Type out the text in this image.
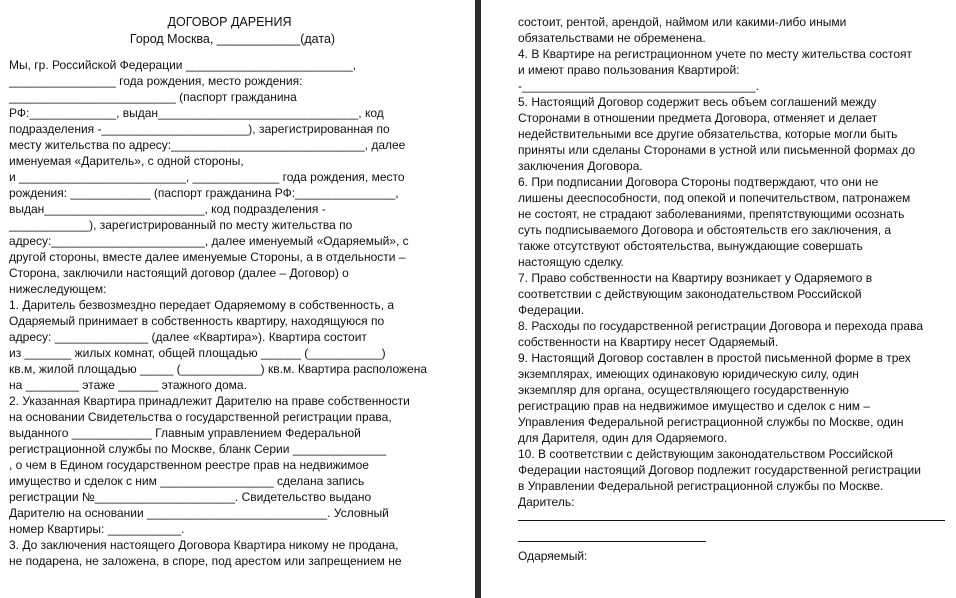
ДОГОВОР ДАРЕНИЯ
Город Москва, ____________(дата)
Мы, гр. Российской Федерации _________________________,
________________ года рождения, место рождения:
_________________________ (паспорт гражданина
РФ:_____________, выдан______________________________, код
подразделения -______________________), зарегистрированная по
месту жительства по адресу:_____________________________, далее
именуемая «Даритель», с одной стороны,
и _________________________, _____________ года рождения, место
рождения: ____________ (паспорт гражданина РФ:_______________,
выдан________________________, код подразделения -
____________), зарегистрированный по месту жительства по
адресу:_______________________, далее именуемый «Одаряемый», с
другой стороны, вместе далее именуемые Стороны, а в отдельности –
Сторона, заключили настоящий договор (далее – Договор) о
нижеследующем:
1. Даритель безвозмездно передает Одаряемому в собственность, а
Одаряемый принимает в собственность квартиру, находящуюся по
адресу: ______________ (далее «Квартира»). Квартира состоит
из _______ жилых комнат, общей площадью ______ (___________)
кв.м, жилой площадью _____ (____________) кв.м. Квартира расположена
на ________ этаже ______ этажного дома.
2. Указанная Квартира принадлежит Дарителю на праве собственности
на основании Свидетельства о государственной регистрации права,
выданного ____________ Главным управлением Федеральной
регистрационной службы по Москве, бланк Серии ______________
, о чем в Едином государственном реестре прав на недвижимое
имущество и сделок с ним _________________ сделана запись
регистрации №_____________________. Свидетельство выдано
Дарителю на основании ___________________________. Условный
номер Квартиры: ___________.
3. До заключения настоящего Договора Квартира никому не продана,
не подарена, не заложена, в споре, под арестом или запрещением не
состоит, рентой, арендой, наймом или какими-либо иными
обязательствами не обременена.
4. В Квартире на регистрационном учете по месту жительства состоят
и имеют право пользования Квартирой:
-___________________________________.
5. Настоящий Договор содержит весь объем соглашений между
Сторонами в отношении предмета Договора, отменяет и делает
недействительными все другие обязательства, которые могли быть
приняты или сделаны Сторонами в устной или письменной формах до
заключения Договора.
6. При подписании Договора Стороны подтверждают, что они не
лишены дееспособности, под опекой и попечительством, патронажем
не состоят, не страдают заболеваниями, препятствующими осознать
суть подписываемого Договора и обстоятельств его заключения, а
также отсутствуют обстоятельства, вынуждающие совершать
настоящую сделку.
7. Право собственности на Квартиру возникает у Одаряемого в
соответствии с действующим законодательством Российской
Федерации.
8. Расходы по государственной регистрации Договора и перехода права
собственности на Квартиру несет Одаряемый.
9. Настоящий Договор составлен в простой письменной форме в трех
экземплярах, имеющих одинаковую юридическую силу, один
экземпляр для органа, осуществляющего государственную
регистрацию прав на недвижимое имущество и сделок с ним –
Управления Федеральной регистрационной службы по Москве, один
для Дарителя, один для Одаряемого.
10. В соответствии с действующим законодательством Российской
Федерации настоящий Договор подлежит государственной регистрации
в Управлении Федеральной регистрационной службы по Москве.
Даритель:
Одаряемый:
